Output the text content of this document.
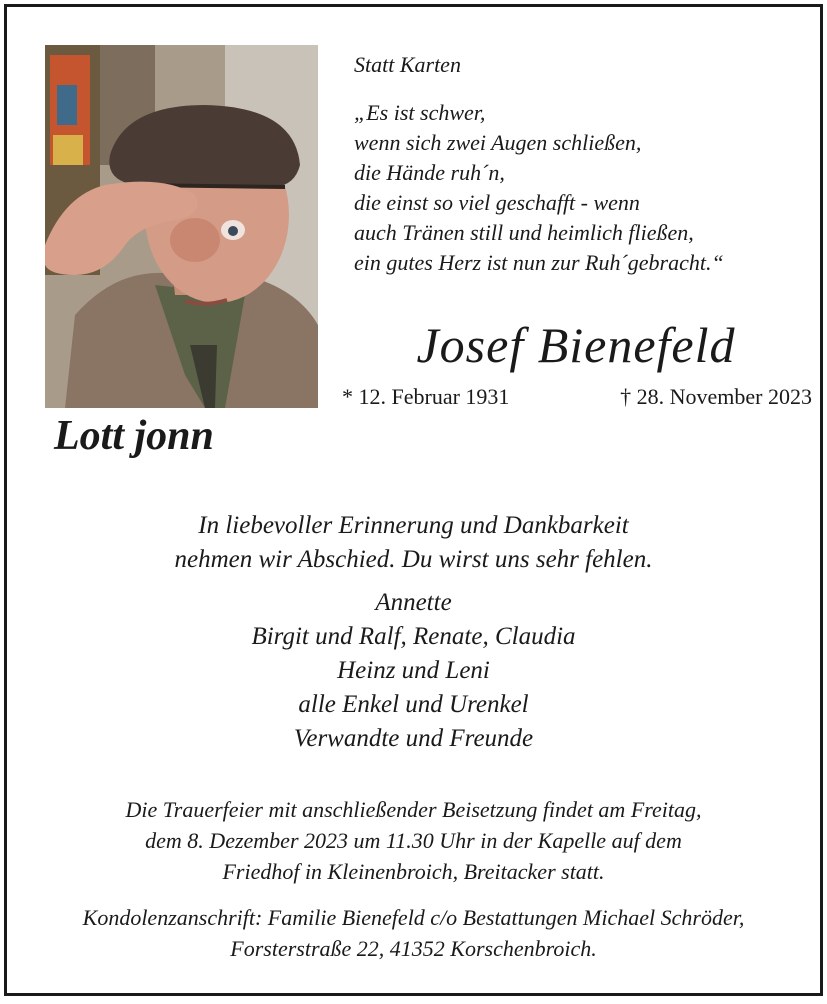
Lott jonn
Statt Karten
„Es ist schwer,
wenn sich zwei Augen schließen,
die Hände ruh´n,
die einst so viel geschafft - wenn
auch Tränen still und heimlich fließen,
ein gutes Herz ist nun zur Ruh´gebracht.“
Josef Bienefeld
* 12. Februar 1931	† 28. November 2023
In liebevoller Erinnerung und Dankbarkeit
nehmen wir Abschied. Du wirst uns sehr fehlen.
Annette
Birgit und Ralf, Renate, Claudia
Heinz und Leni
alle Enkel und Urenkel
Verwandte und Freunde
Die Trauerfeier mit anschließender Beisetzung findet am Freitag,
dem 8. Dezember 2023 um 11.30 Uhr in der Kapelle auf dem
Friedhof in Kleinenbroich, Breitacker statt.
Kondolenzanschrift: Familie Bienefeld c/o Bestattungen Michael Schröder,
Forsterstraße 22, 41352 Korschenbroich.
